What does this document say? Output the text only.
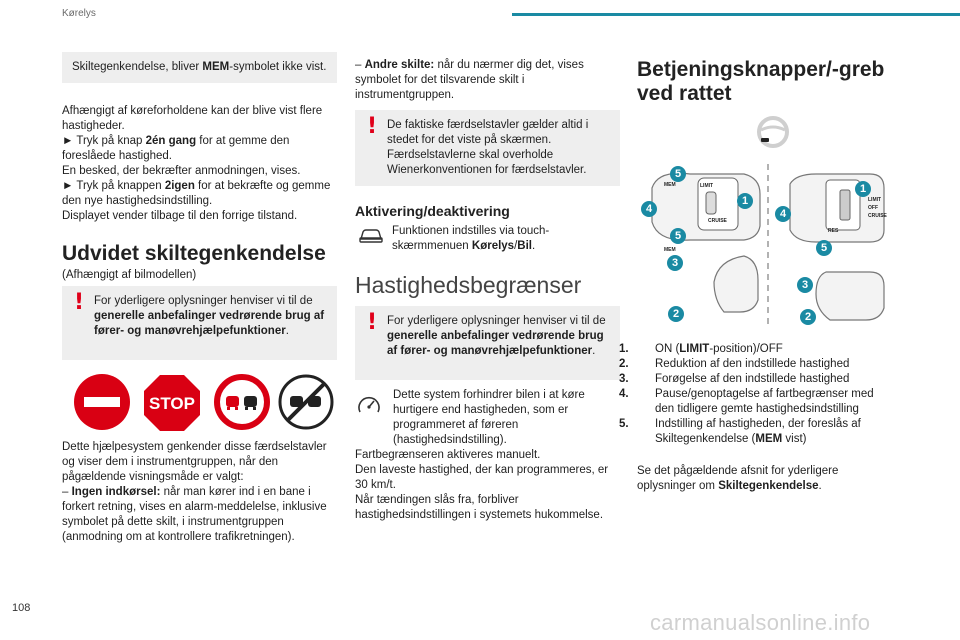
Kørelys
Skiltegenkendelse, bliver MEM-symbolet ikke vist.

Afhængigt af køreforholdene kan der blive vist flere hastigheder.

► Tryk på knap 2én gang for at gemme den foreslåede hastighed.

En besked, der bekræfter anmodningen, vises.

► Tryk på knappen 2igen for at bekræfte og gemme den nye hastighedsindstilling.

Displayet vender tilbage til den forrige tilstand.

Udvidet skiltegenkendelse
(Afhængigt af bilmodellen)
! For yderligere oplysninger henviser vi til de generelle anbefalinger vedrørende brug af fører- og manøvrehjælpefunktioner.
STOP

Dette hjælpesystem genkender disse færdselstavler og viser dem i instrumentgruppen, når den pågældende visningsmåde er valgt:

– Ingen indkørsel: når man kører ind i en bane i forkert retning, vises en alarm-meddelelse, inklusive symbolet på dette skilt, i instrumentgruppen (anmodning om at kontrollere trafikretningen).

– Andre skilte: når du nærmer dig det, vises symbolet for det tilsvarende skilt i instrumentgruppen.
! De faktiske færdselstavler gælder altid i stedet for det viste på skærmen. Færdselstavlerne skal overholde Wienerkonventionen for færdselstavler.
Aktivering/deaktivering
Funktionen indstilles via touch-skærmmenuen Kørelys/Bil.
Hastighedsbegrænser
! For yderligere oplysninger henviser vi til de generelle anbefalinger vedrørende brug af fører- og manøvrehjælpefunktioner.

Dette system forhindrer bilen i at køre hurtigere end hastigheden, som er programmeret af føreren (hastighedsindstilling).

Fartbegrænseren aktiveres manuelt.

Den laveste hastighed, der kan programmeres, er 30 km/t.

Når tændingen slås fra, forbliver hastighedsindstillingen i systemets hukommelse.

Betjeningsknapper/-greb ved rattet
LIMIT
MEM
CRUISE
LIMIT
OFF
CRUISE
MEM
RES
5
4
5
1
3
2
1
4
5
3
2

1. ON (LIMIT-position)/OFF

2. Reduktion af den indstillede hastighed

3. Forøgelse af den indstillede hastighed

4. Pause/genoptagelse af fartbegrænser med den tidligere gemte hastighedsindstilling

5. Indstilling af hastigheden, der foreslås af Skiltegenkendelse (MEM vist)

Se det pågældende afsnit for yderligere oplysninger om Skiltegenkendelse.
108
carmanualsonline.info
